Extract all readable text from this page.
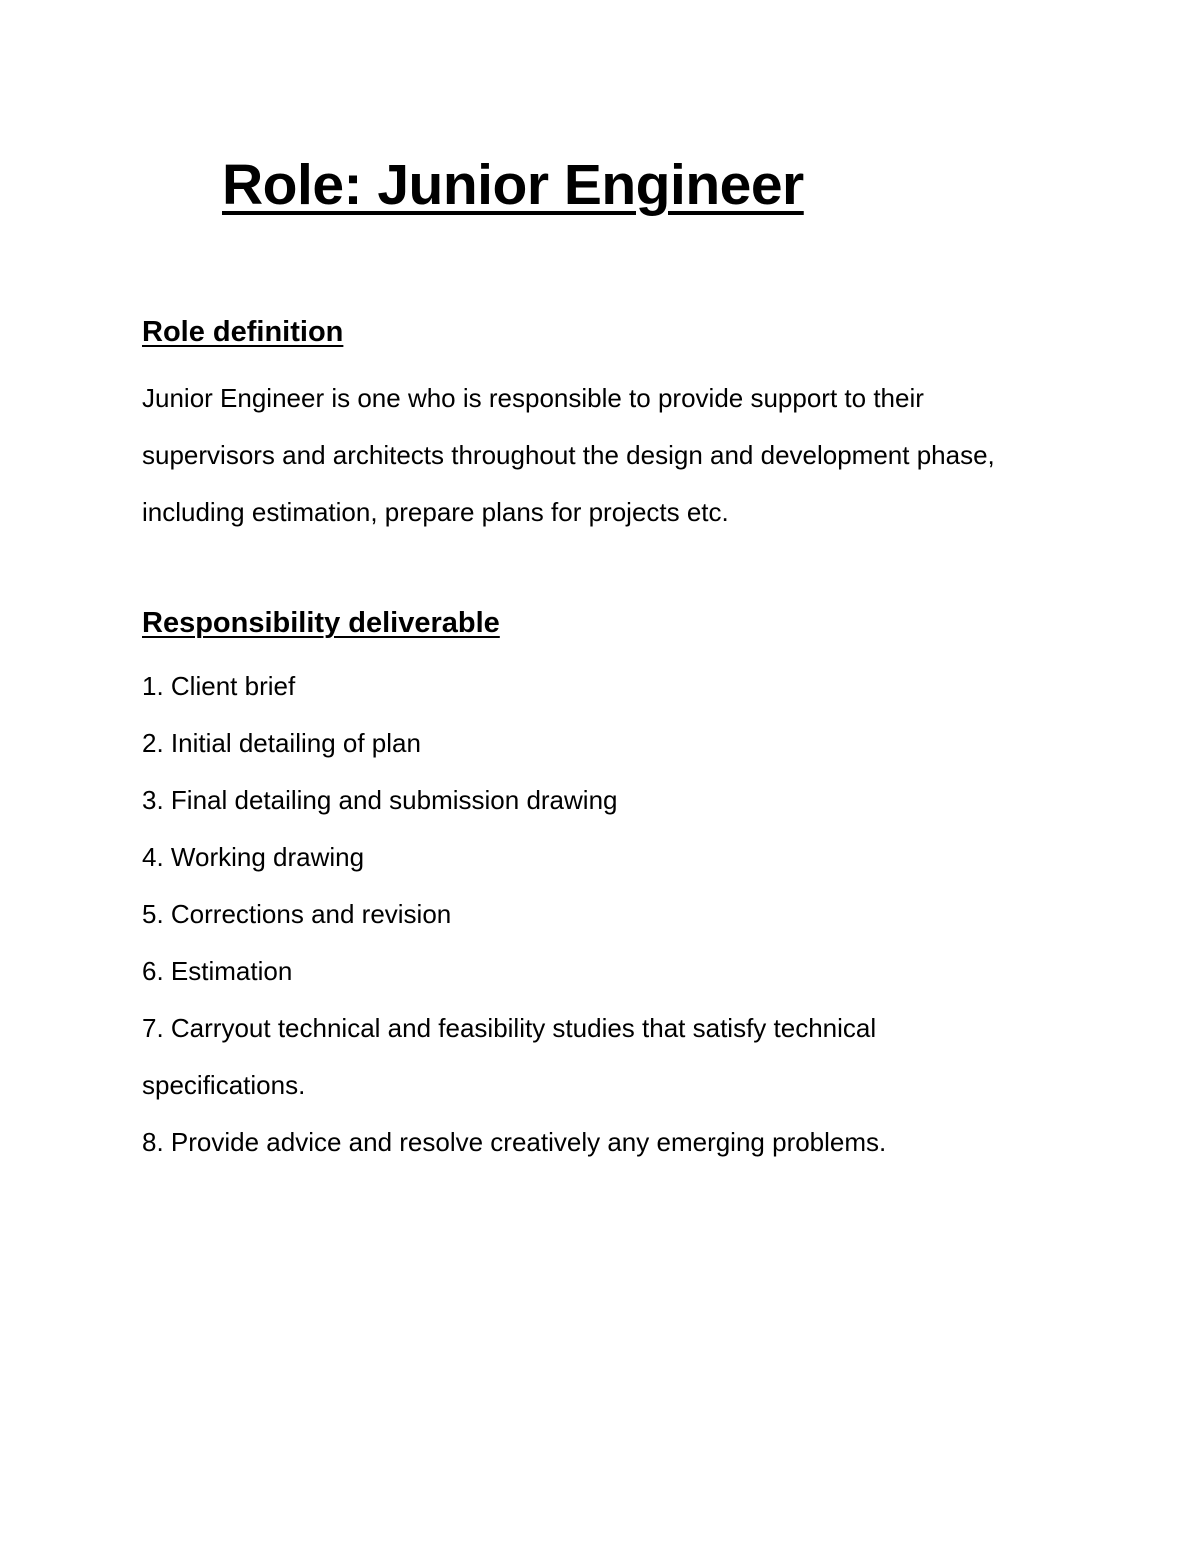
Role: Junior Engineer
Role definition

Junior Engineer is one who is responsible to provide support to their supervisors and architects throughout the design and development phase, including estimation, prepare plans for projects etc.

Responsibility deliverable
1. Client brief
2. Initial detailing of plan
3. Final detailing and submission drawing
4. Working drawing
5. Corrections and revision
6. Estimation
7. Carryout technical and feasibility studies that satisfy technical specifications.
8. Provide advice and resolve creatively any emerging problems.
